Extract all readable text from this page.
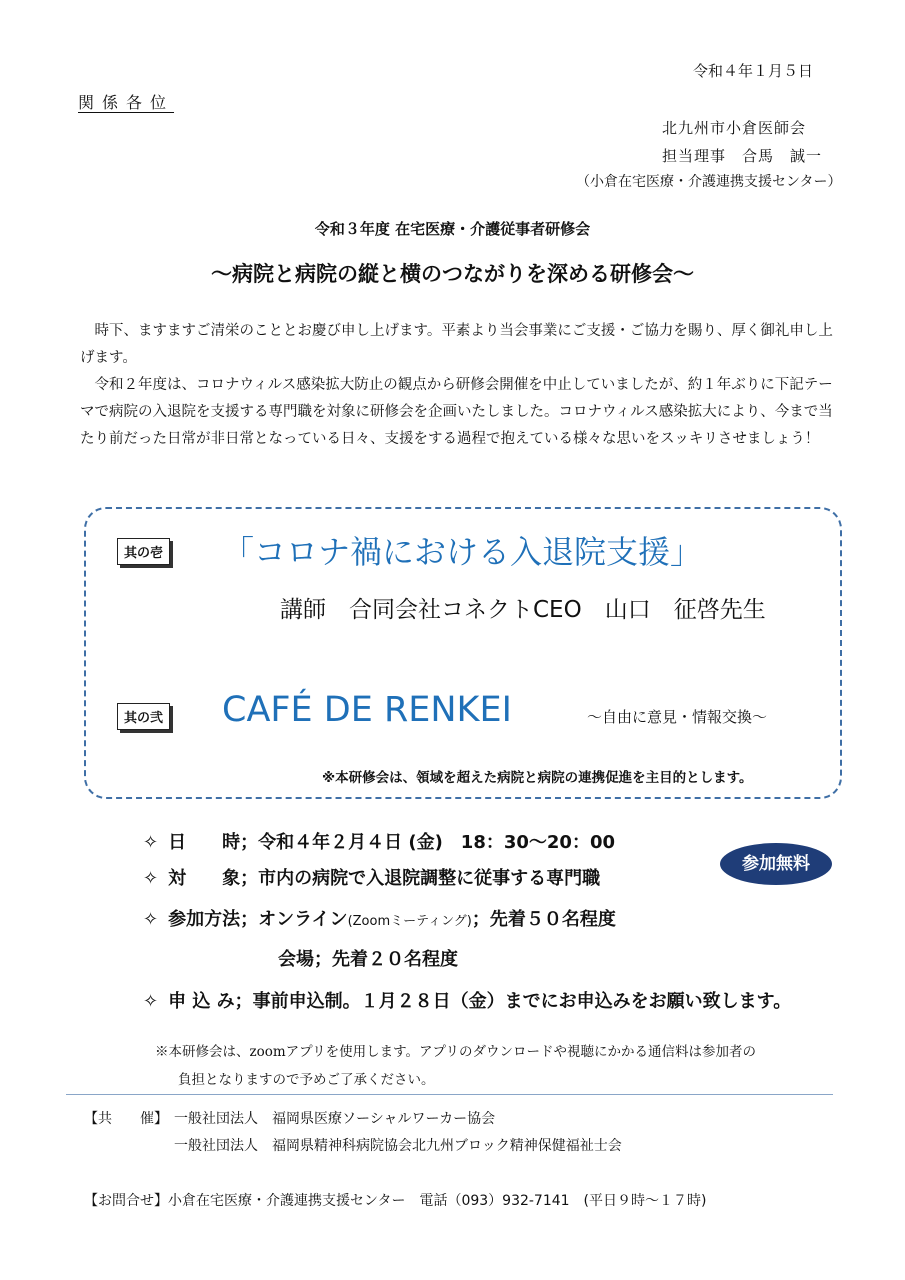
令和４年１月５日
関係各位
北九州市小倉医師会
担当理事　合馬　誠一
（小倉在宅医療・介護連携支援センター）
令和３年度 在宅医療・介護従事者研修会
～病院と病院の縦と横のつながりを深める研修会～

時下、ますますご清栄のこととお慶び申し上げます。平素より当会事業にご支援・ご協力を賜り、厚く御礼申し上げます。

令和２年度は、コロナウィルス感染拡大防止の観点から研修会開催を中止していましたが、約１年ぶりに下記テーマで病院の入退院を支援する専門職を対象に研修会を企画いたしました。コロナウィルス感染拡大により、今まで当たり前だった日常が非日常となっている日々、支援をする過程で抱えている様々な思いをスッキリさせましょう！

其の壱 「コロナ禍における入退院支援」
講師　合同会社コネクトCEO　山口　征啓先生
其の弐 CAFÉ DE RENKEI	～自由に意見・情報交換～
※本研修会は、領域を超えた病院と病院の連携促進を主目的とします。
✧ 日　　時；令和４年２月４日 (金)　18：30～20：00
✧ 対　　象；市内の病院で入退院調整に従事する専門職
参加無料
✧ 参加方法；オンライン(Zoomミーティング)；先着５０名程度
会場；先着２０名程度
✧ 申 込 み；事前申込制。１月２８日（金）までにお申込みをお願い致します。
※本研修会は、zoomアプリを使用します。アプリのダウンロードや視聴にかかる通信料は参加者の
負担となりますので予めご了承ください。
【共　　催】 一般社団法人　福岡県医療ソーシャルワーカー協会
一般社団法人　福岡県精神科病院協会北九州ブロック精神保健福祉士会
【お問合せ】小倉在宅医療・介護連携支援センター　電話（093）932-7141　(平日９時～１７時)
